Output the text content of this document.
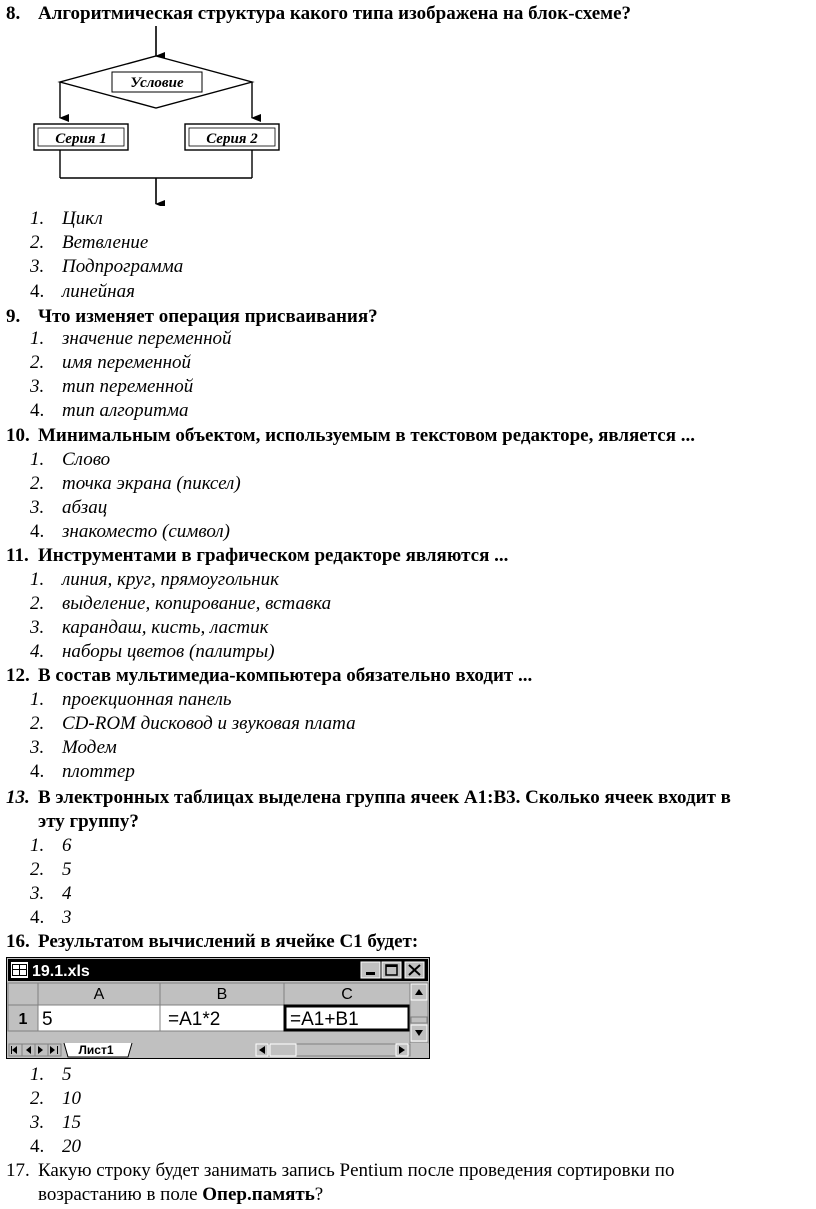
8. Алгоритмическая структура какого типа изображена на блок-схеме?
Условие
Серия 1	Серия 2
1. Цикл
2. Ветвление
3. Подпрограмма
4. линейная
9. Что изменяет операция присваивания?
1. значение переменной
2. имя переменной
3. тип переменной
4. тип алгоритма
10. Минимальным объектом, используемым в текстовом редакторе, является ...
1. Слово
2. точка экрана (пиксел)
3. абзац
4. знакоместо (символ)
11. Инструментами в графическом редакторе являются ...
1. линия, круг, прямоугольник
2. выделение, копирование, вставка
3. карандаш, кисть, ластик
4. наборы цветов (палитры)
12. В состав мультимедиа-компьютера обязательно входит ...
1. проекционная панель
2. CD-ROM дисковод и звуковая плата
3. Модем
4. плоттер
13. В электронных таблицах выделена группа ячеек А1:В3. Сколько ячеек входит в
эту группу?
1. 6
2. 5
3. 4
4. 3
16. Результатом вычислений в ячейке С1 будет:
19.1.xls
A	B	C
1 5	=A1*2	=A1+B1
Лист1
1. 5
2. 10
3. 15
4. 20
17. Какую строку будет занимать запись Pentium после проведения сортировки по
возрастанию в поле Опер.память?
